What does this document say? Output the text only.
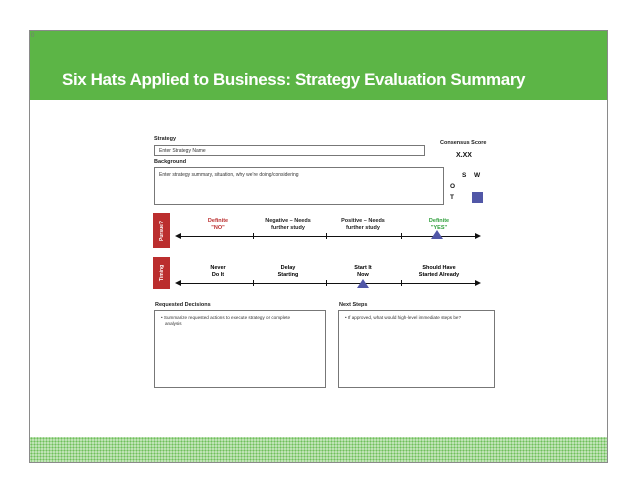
Six Hats Applied to Business: Strategy Evaluation Summary
0
Strategy
Enter Strategy Name
Consensus Score
X.XX
Background
Enter strategy summary, situation, why we're doing/considering	S W
O
T
Pursue?	Definite
"NO"
Negative – Needs
further study
Positive – Needs
further study
Definite
"YES"
Timing	Never
Do It
Delay
Starting
Start It
Now
Should Have
Started Already
Requested Decisions
• Summarize requested actions to execute strategy or complete
analysis
Next Steps
• If approved, what would high-level immediate steps be?
